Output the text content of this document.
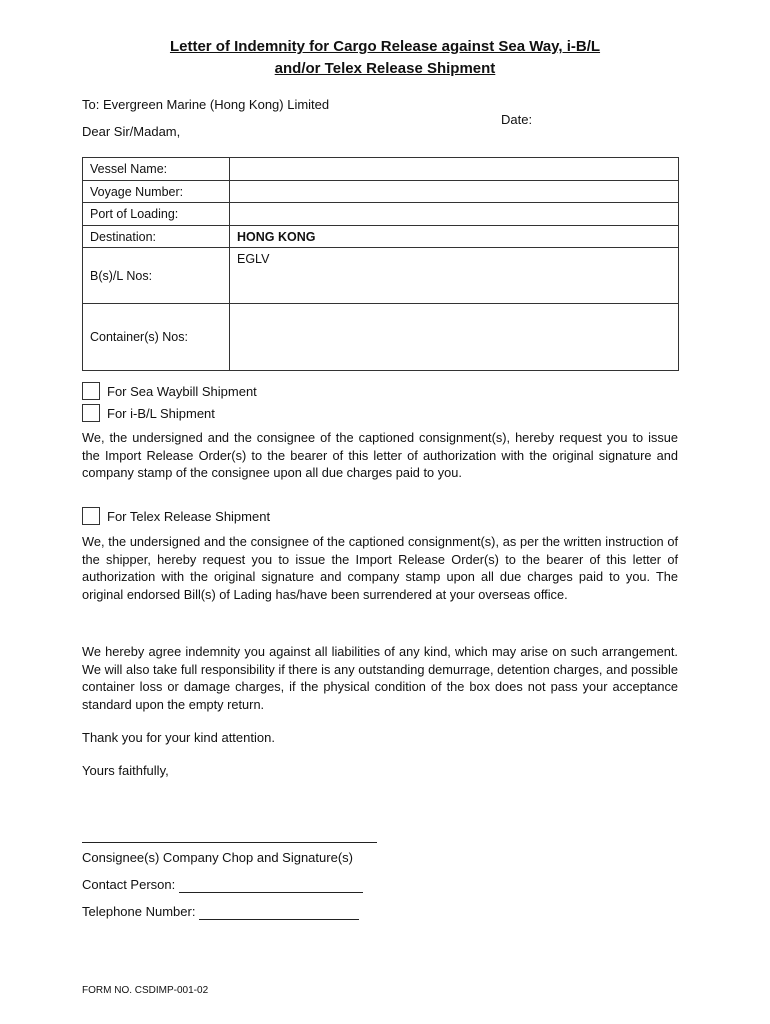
Letter of Indemnity for Cargo Release against Sea Way, i-B/L
and/or Telex Release Shipment
To: Evergreen Marine (Hong Kong) Limited
Date:
Dear Sir/Madam,
Vessel Name:	
Voyage Number:	
Port of Loading:	
Destination:	HONG KONG
B(s)/L Nos:	EGLV
Container(s) Nos:	
For Sea Waybill Shipment
For i-B/L Shipment
We, the undersigned and the consignee of the captioned consignment(s), hereby request you to issue the Import Release Order(s) to the bearer of this letter of authorization with the original signature and company stamp of the consignee upon all due charges paid to you.
For Telex Release Shipment
We, the undersigned and the consignee of the captioned consignment(s), as per the written instruction of the shipper, hereby request you to issue the Import Release Order(s) to the bearer of this letter of authorization with the original signature and company stamp upon all due charges paid to you. The original endorsed Bill(s) of Lading has/have been surrendered at your overseas office.
We hereby agree indemnity you against all liabilities of any kind, which may arise on such arrangement. We will also take full responsibility if there is any outstanding demurrage, detention charges, and possible container loss or damage charges, if the physical condition of the box does not pass your acceptance standard upon the empty return.
Thank you for your kind attention.
Yours faithfully,
Consignee(s) Company Chop and Signature(s)
Contact Person:
Telephone Number:
FORM NO. CSDIMP-001-02
